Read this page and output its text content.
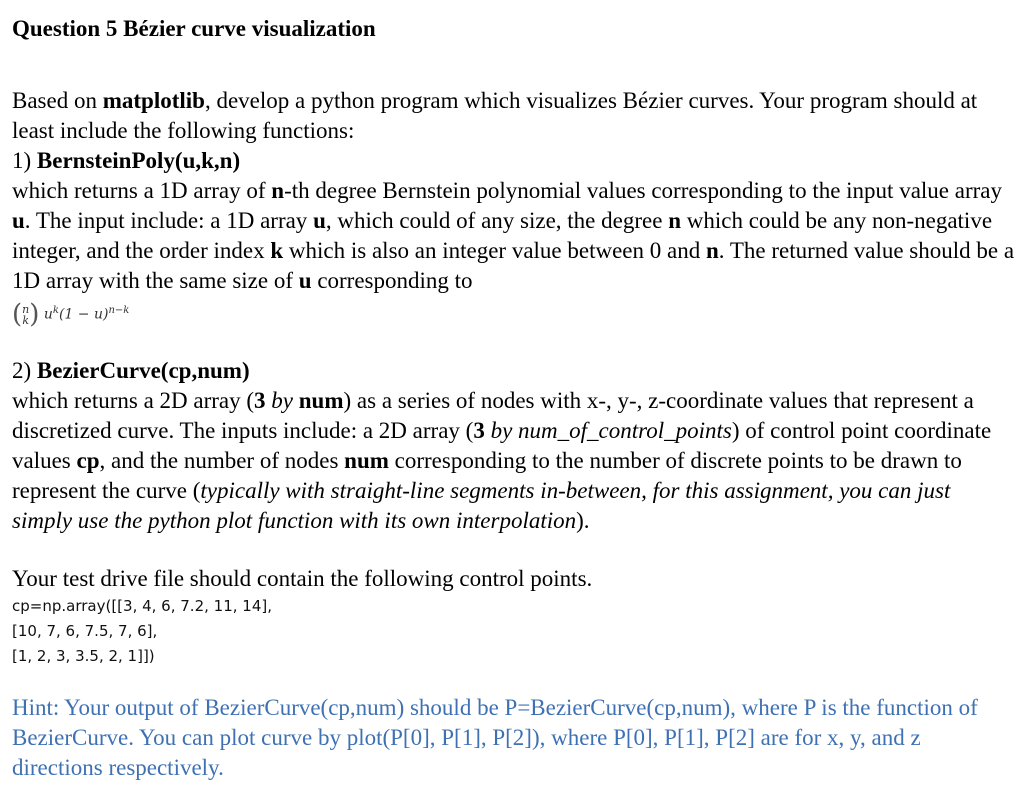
Question 5 Bézier curve visualization

Based on matplotlib, develop a python program which visualizes Bézier curves. Your program should at least include the following functions:

1) BernsteinPoly(u,k,n)

which returns a 1D array of n-th degree Bernstein polynomial values corresponding to the input value array u. The input include: a 1D array u, which could of any size, the degree n which could be any non-negative integer, and the order index k which is also an integer value between 0 and n. The returned value should be a 1D array with the same size of u corresponding to

(n
k) $u^k(1 - u)^{n-k}$

2) BezierCurve(cp,num)

which returns a 2D array (3 by num) as a series of nodes with x-, y-, z-coordinate values that represent a discretized curve. The inputs include: a 2D array (3 by num_of_control_points) of control point coordinate values cp, and the number of nodes num corresponding to the number of discrete points to be drawn to represent the curve (typically with straight-line segments in-between, for this assignment, you can just simply use the python plot function with its own interpolation).

Your test drive file should contain the following control points.

cp=np.array([[3, 4, 6, 7.2, 11, 14],

[10, 7, 6, 7.5, 7, 6],

[1, 2, 3, 3.5, 2, 1]])

Hint: Your output of BezierCurve(cp,num) should be P=BezierCurve(cp,num), where P is the function of BezierCurve. You can plot curve by plot(P[0], P[1], P[2]), where P[0], P[1], P[2] are for x, y, and z directions respectively.
